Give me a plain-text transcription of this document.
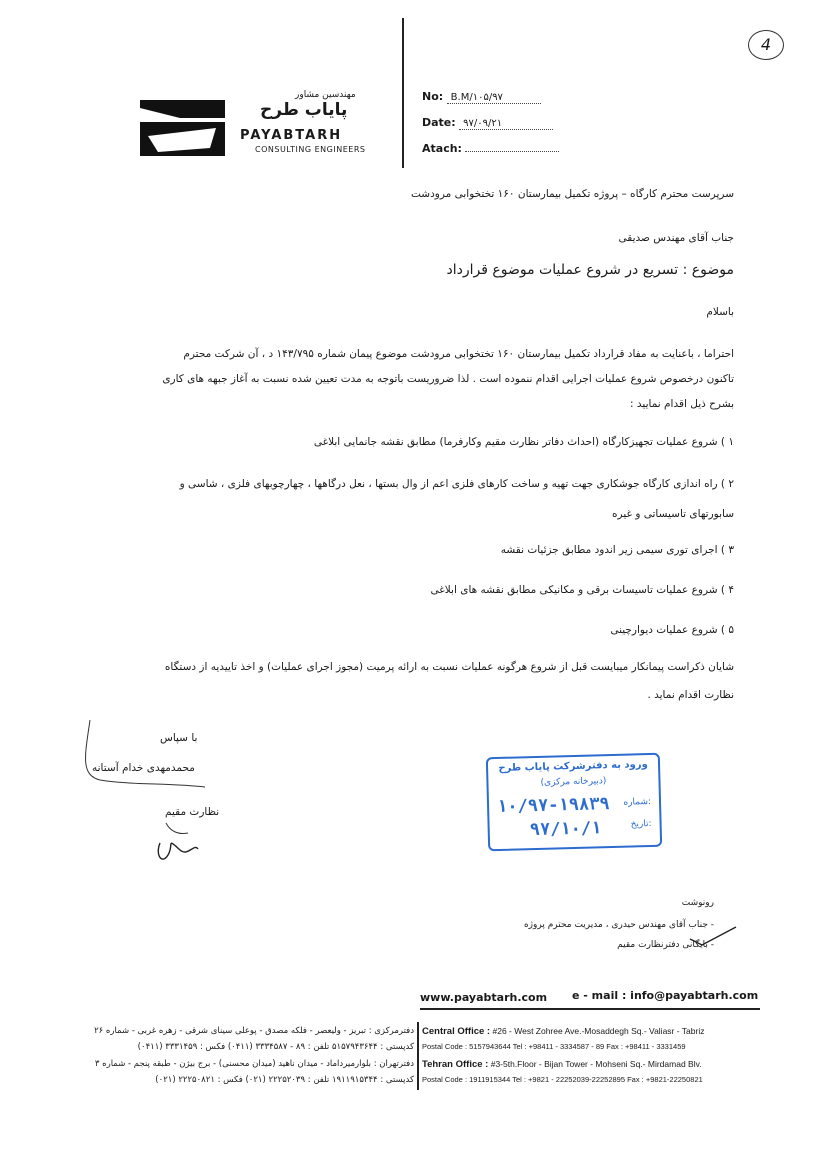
4
مهندسین مشاور
پایاب طرح
PAYABTARH
CONSULTING ENGINEERS
No: B.M/۱۰۵/۹۷
Date: ۹۷/۰۹/۲۱
Atach:
سرپرست محترم کارگاه – پروژه تکمیل بیمارستان ۱۶۰ تختخوابی مرودشت
جناب آقای مهندس صدیقی
موضوع : تسریع در شروع عملیات موضوع قرارداد
باسلام
احتراما ، باعنایت به مفاد قرارداد تکمیل بیمارستان ۱۶۰ تختخوابی مرودشت موضوع پیمان شماره ۱۴۳/۷۹۵ د ، آن شرکت محترم
تاکنون درخصوص شروع عملیات اجرایی اقدام ننموده است . لذا ضروریست باتوجه به مدت تعیین شده نسبت به آغاز جبهه های کاری
بشرح ذیل اقدام نمایید :
۱ ) شروع عملیات تجهیزکارگاه (احداث دفاتر نظارت مقیم وکارفرما) مطابق نقشه جانمایی ابلاغی
۲ ) راه اندازی کارگاه جوشکاری جهت تهیه و ساخت کارهای فلزی اعم از وال بستها ، نعل درگاهها ، چهارچوبهای فلزی ، شاسی و
سابورتهای تاسیساتی و غیره
۳ ) اجرای توری سیمی زیر اندود مطابق جزئیات نقشه
۴ ) شروع عملیات تاسیسات برقی و مکانیکی مطابق نقشه های ابلاغی
۵ ) شروع عملیات دیوارچینی
شایان ذکراست پیمانکار میبایست قبل از شروع هرگونه عملیات نسبت به ارائه پرمیت (مجوز اجرای عملیات) و اخذ تاییدیه از دستگاه
نظارت اقدام نماید .
با سپاس
محمدمهدی خدام آستانه
نظارت مقیم
ورود به دفترشرکت پایاب طرح
(دبیرخانه مرکزی)
شماره:
تاریخ:
۱۰/۹۷-۱۹۸۳۹
۹۷/۱۰/۱
رونوشت
- جناب آقای مهندس حیدری ، مدیریت محترم پروژه
- بایگانی دفترنظارت مقیم
www.payabtarh.com e - mail : info@payabtarh.com
Central Office : #26 - West Zohree Ave.-Mosaddegh Sq.- Valiasr - Tabriz
Postal Code : 5157943644 Tel : +98411 - 3334587 - 89 Fax : +98411 - 3331459
Tehran Office : #3-5th.Floor - Bijan Tower - Mohseni Sq.- Mirdamad Blv.
Postal Code : 1911915344 Tel : +9821 - 22252039-22252895 Fax : +9821-22250821
دفترمرکزی : تبریز - ولیعصر - فلکه مصدق - پوعلی سینای شرقی - زهره غربی - شماره ۲۶
کدپستی : ۵۱۵۷۹۴۳۶۴۴ تلفن : ۸۹ - ۳۳۳۴۵۸۷ (۰۴۱۱) فکس : ۳۳۳۱۴۵۹ (۰۴۱۱)
دفترتهران : بلوارمیرداماد - میدان ناهید (میدان محسنی) - برج بیژن - طبقه پنجم - شماره ۳
کدپستی : ۱۹۱۱۹۱۵۳۴۴ تلفن : ۲۲۲۵۲۰۳۹ (۰۲۱) فکس : ۲۲۲۵۰۸۲۱ (۰۲۱)
